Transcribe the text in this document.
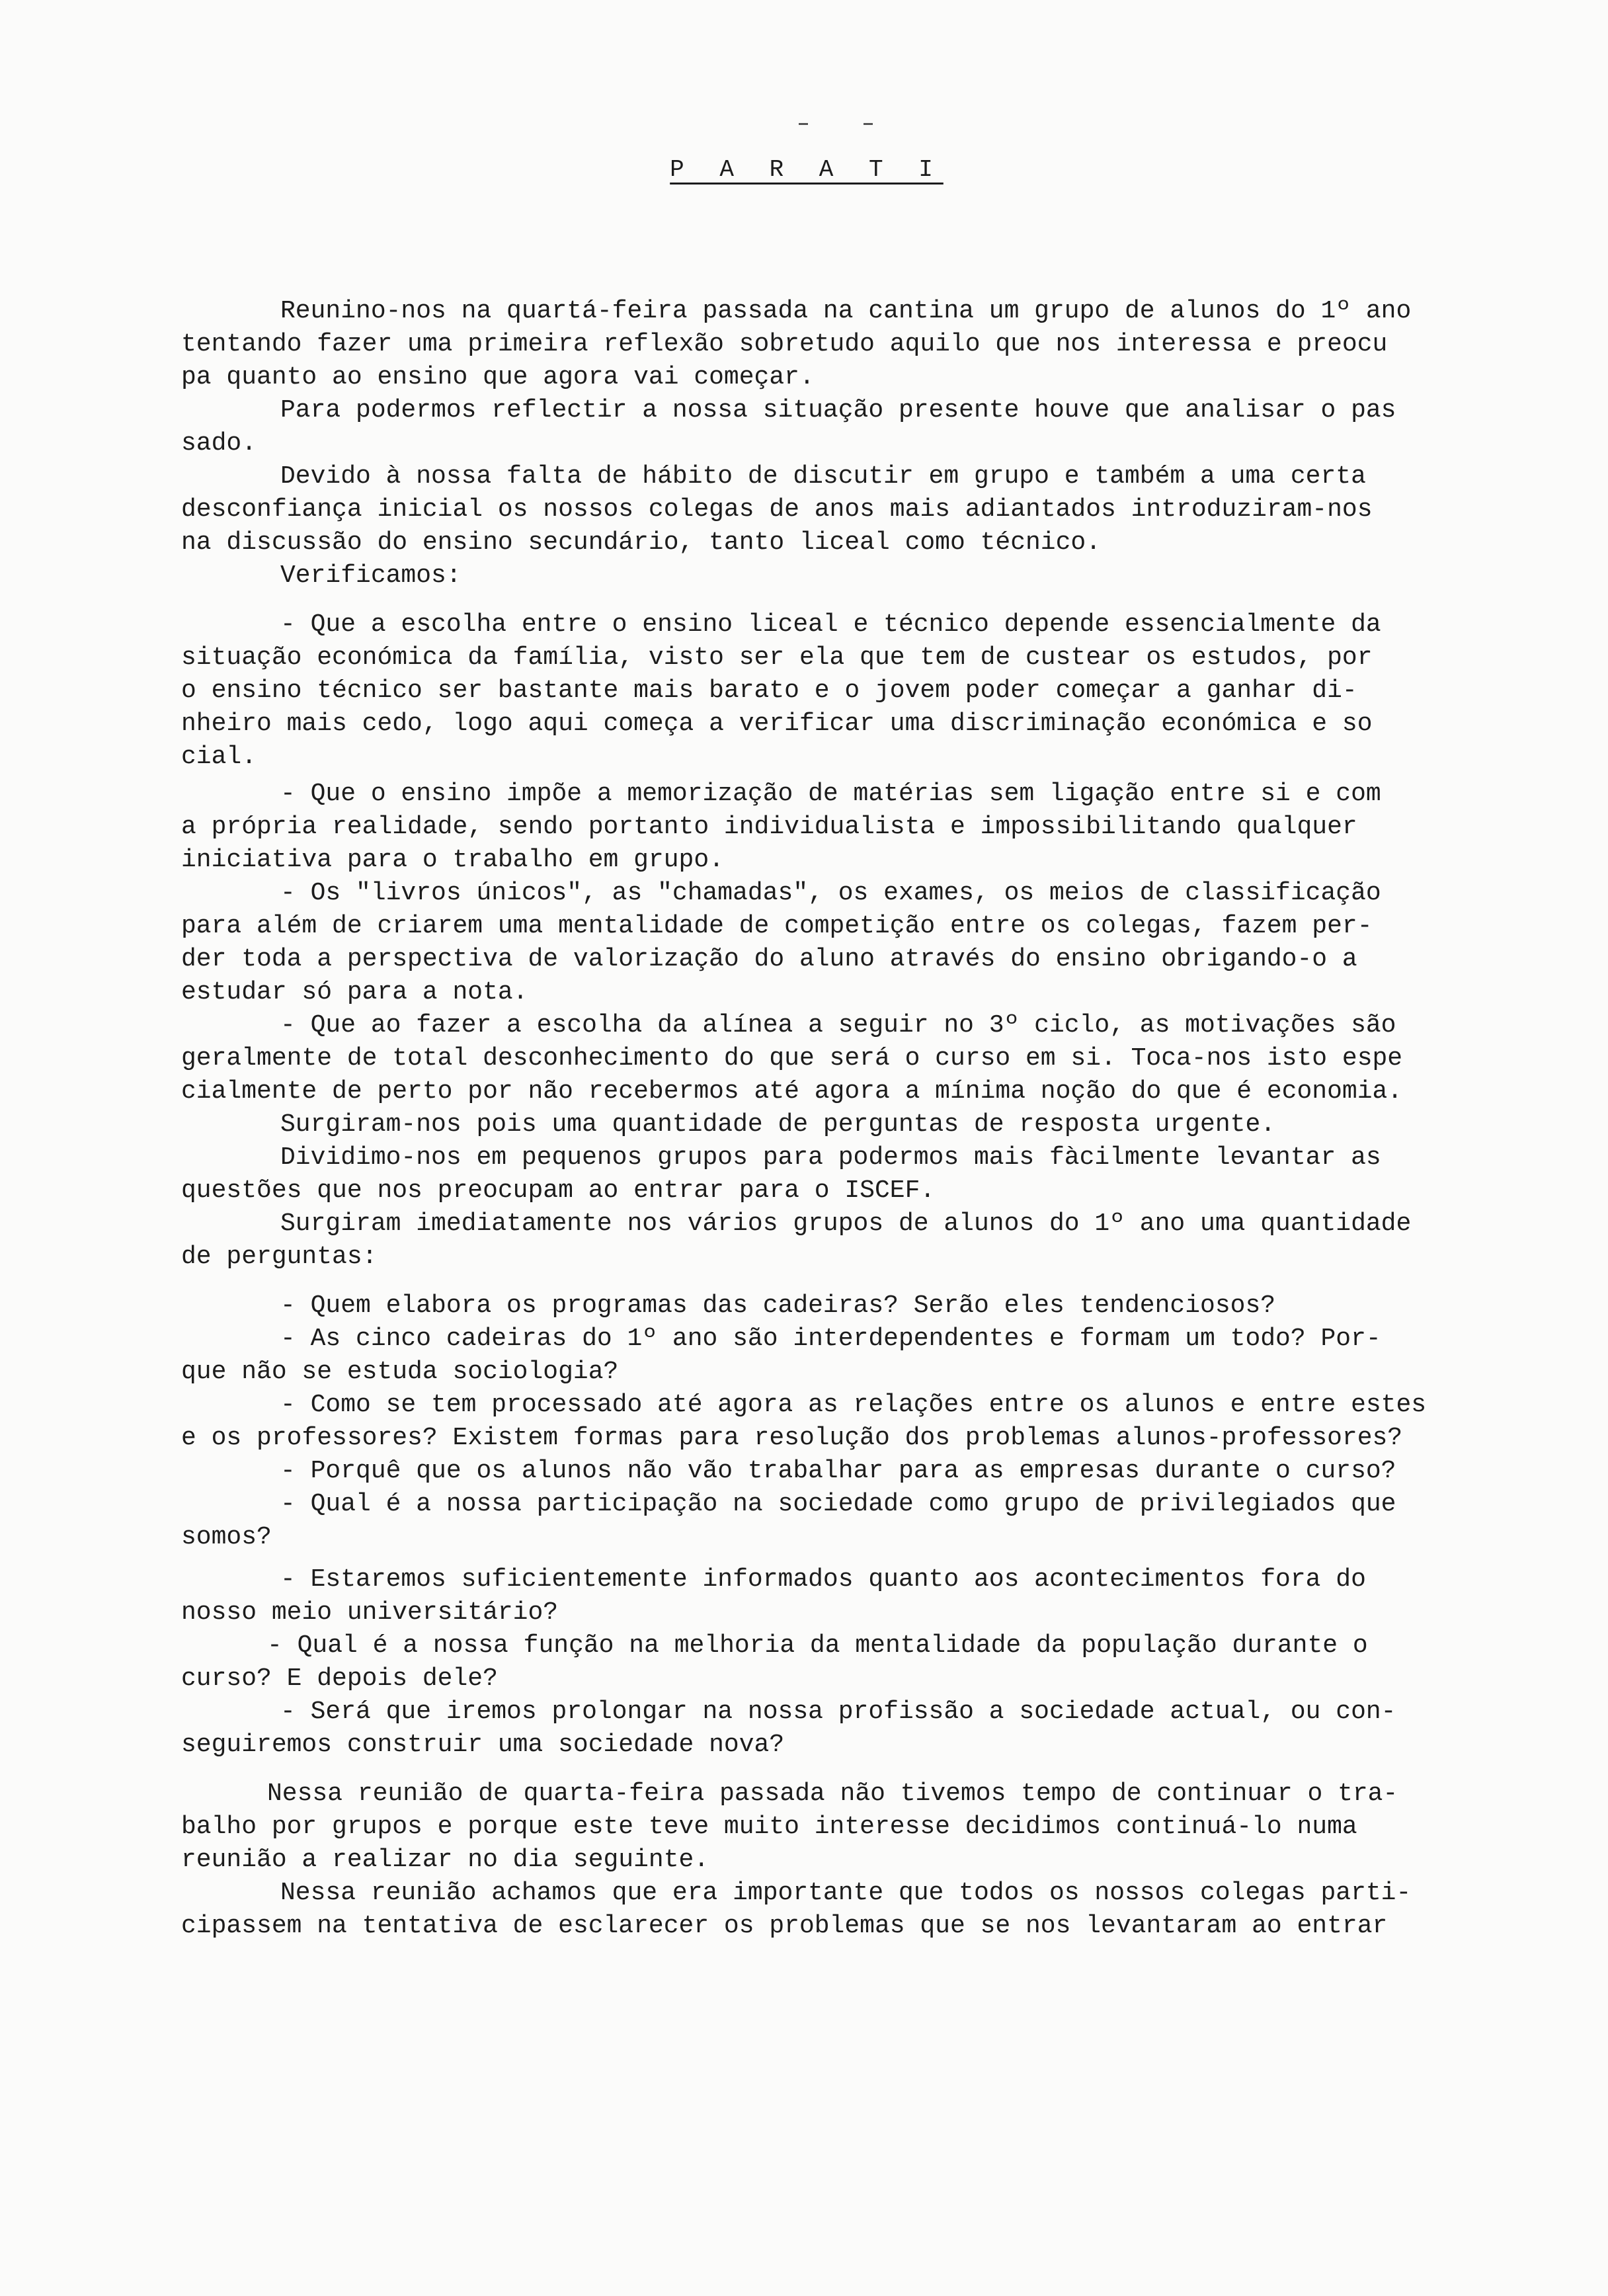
P A R A T I
Reunino-nos na quartá-feira passada na cantina um grupo de alunos do 1º ano
tentando fazer uma primeira reflexão sobretudo aquilo que nos interessa e preocu
pa quanto ao ensino que agora vai começar.
Para podermos reflectir a nossa situação presente houve que analisar o pas
sado.
Devido à nossa falta de hábito de discutir em grupo e também a uma certa
desconfiança inicial os nossos colegas de anos mais adiantados introduziram-nos
na discussão do ensino secundário, tanto liceal como técnico.
Verificamos:
- Que a escolha entre o ensino liceal e técnico depende essencialmente da
situação económica da família, visto ser ela que tem de custear os estudos, por
o ensino técnico ser bastante mais barato e o jovem poder começar a ganhar di-
nheiro mais cedo, logo aqui começa a verificar uma discriminação económica e so
cial.
- Que o ensino impõe a memorização de matérias sem ligação entre si e com
a própria realidade, sendo portanto individualista e impossibilitando qualquer
iniciativa para o trabalho em grupo.
- Os "livros únicos", as "chamadas", os exames, os meios de classificação
para além de criarem uma mentalidade de competição entre os colegas, fazem per-
der toda a perspectiva de valorização do aluno através do ensino obrigando-o a
estudar só para a nota.
- Que ao fazer a escolha da alínea a seguir no 3º ciclo, as motivações são
geralmente de total desconhecimento do que será o curso em si. Toca-nos isto espe
cialmente de perto por não recebermos até agora a mínima noção do que é economia.
Surgiram-nos pois uma quantidade de perguntas de resposta urgente.
Dividimo-nos em pequenos grupos para podermos mais fàcilmente levantar as
questões que nos preocupam ao entrar para o ISCEF.
Surgiram imediatamente nos vários grupos de alunos do 1º ano uma quantidade
de perguntas:
- Quem elabora os programas das cadeiras? Serão eles tendenciosos?
- As cinco cadeiras do 1º ano são interdependentes e formam um todo? Por-
que não se estuda sociologia?
- Como se tem processado até agora as relações entre os alunos e entre estes
e os professores? Existem formas para resolução dos problemas alunos-professores?
- Porquê que os alunos não vão trabalhar para as empresas durante o curso?
- Qual é a nossa participação na sociedade como grupo de privilegiados que
somos?
- Estaremos suficientemente informados quanto aos acontecimentos fora do
nosso meio universitário?
- Qual é a nossa função na melhoria da mentalidade da população durante o
curso? E depois dele?
- Será que iremos prolongar na nossa profissão a sociedade actual, ou con-
seguiremos construir uma sociedade nova?
Nessa reunião de quarta-feira passada não tivemos tempo de continuar o tra-
balho por grupos e porque este teve muito interesse decidimos continuá-lo numa
reunião a realizar no dia seguinte.
Nessa reunião achamos que era importante que todos os nossos colegas parti-
cipassem na tentativa de esclarecer os problemas que se nos levantaram ao entrar
